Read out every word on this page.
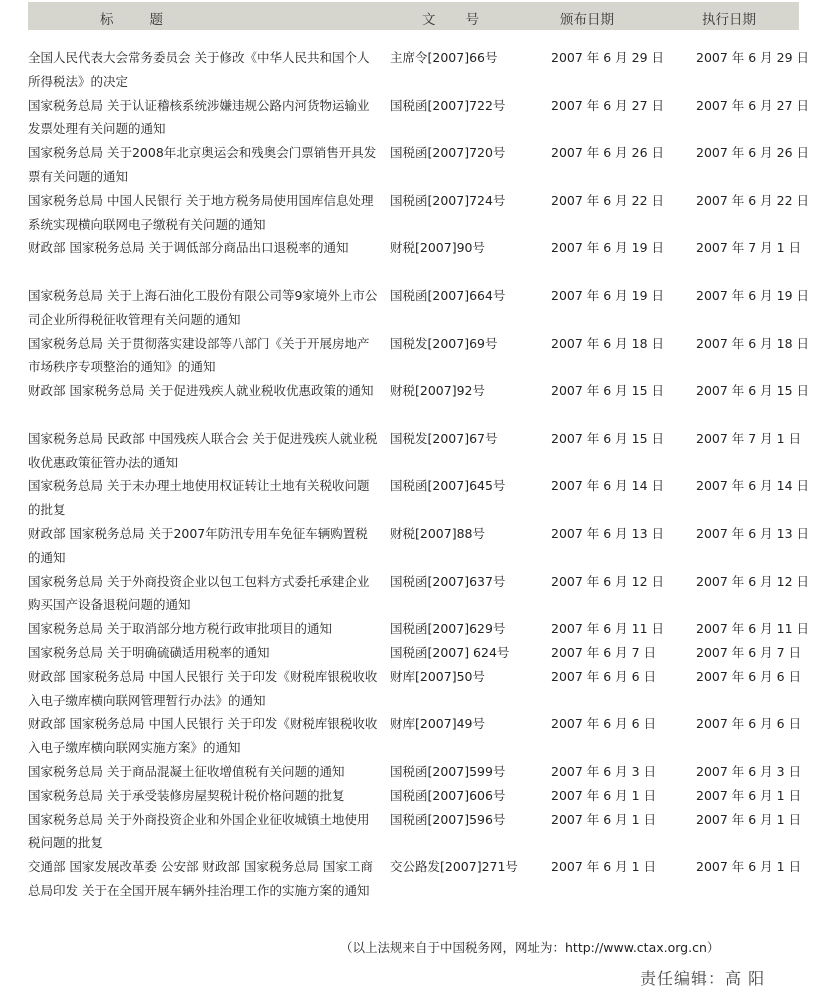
标题	文号	颁布日期	执行日期
全国人民代表大会常务委员会 关于修改《中华人民共和国个人所得税法》的决定
主席令[2007]66号	2007 年 6 月 29 日	2007 年 6 月 29 日
国家税务总局 关于认证稽核系统涉嫌违规公路内河货物运输业发票处理有关问题的通知
国税函[2007]722号	2007 年 6 月 27 日	2007 年 6 月 27 日
国家税务总局 关于2008年北京奥运会和残奥会门票销售开具发票有关问题的通知
国税函[2007]720号	2007 年 6 月 26 日	2007 年 6 月 26 日
国家税务总局 中国人民银行 关于地方税务局使用国库信息处理系统实现横向联网电子缴税有关问题的通知
国税函[2007]724号	2007 年 6 月 22 日	2007 年 6 月 22 日
财政部 国家税务总局 关于调低部分商品出口退税率的通知	财税[2007]90号	2007 年 6 月 19 日	2007 年 7 月 1 日
国家税务总局 关于上海石油化工股份有限公司等9家境外上市公司企业所得税征收管理有关问题的通知
国税函[2007]664号	2007 年 6 月 19 日	2007 年 6 月 19 日
国家税务总局 关于贯彻落实建设部等八部门《关于开展房地产市场秩序专项整治的通知》的通知
国税发[2007]69号	2007 年 6 月 18 日	2007 年 6 月 18 日
财政部 国家税务总局 关于促进残疾人就业税收优惠政策的通知	财税[2007]92号	2007 年 6 月 15 日	2007 年 6 月 15 日
国家税务总局 民政部 中国残疾人联合会 关于促进残疾人就业税收优惠政策征管办法的通知
国税发[2007]67号	2007 年 6 月 15 日	2007 年 7 月 1 日
国家税务总局 关于未办理土地使用权证转让土地有关税收问题的批复
国税函[2007]645号	2007 年 6 月 14 日	2007 年 6 月 14 日
财政部 国家税务总局 关于2007年防汛专用车免征车辆购置税的通知
财税[2007]88号	2007 年 6 月 13 日	2007 年 6 月 13 日
国家税务总局 关于外商投资企业以包工包料方式委托承建企业购买国产设备退税问题的通知
国税函[2007]637号	2007 年 6 月 12 日	2007 年 6 月 12 日
国家税务总局 关于取消部分地方税行政审批项目的通知	国税函[2007]629号	2007 年 6 月 11 日	2007 年 6 月 11 日
国家税务总局 关于明确硫磺适用税率的通知	国税函[2007] 624号	2007 年 6 月 7 日	2007 年 6 月 7 日
财政部 国家税务总局 中国人民银行 关于印发《财税库银税收收入电子缴库横向联网管理暂行办法》的通知
财库[2007]50号	2007 年 6 月 6 日	2007 年 6 月 6 日
财政部 国家税务总局 中国人民银行 关于印发《财税库银税收收入电子缴库横向联网实施方案》的通知
财库[2007]49号	2007 年 6 月 6 日	2007 年 6 月 6 日
国家税务总局 关于商品混凝土征收增值税有关问题的通知	国税函[2007]599号	2007 年 6 月 3 日	2007 年 6 月 3 日
国家税务总局 关于承受装修房屋契税计税价格问题的批复	国税函[2007]606号	2007 年 6 月 1 日	2007 年 6 月 1 日
国家税务总局 关于外商投资企业和外国企业征收城镇土地使用税问题的批复
国税函[2007]596号	2007 年 6 月 1 日	2007 年 6 月 1 日
交通部 国家发展改革委 公安部 财政部 国家税务总局 国家工商总局印发 关于在全国开展车辆外挂治理工作的实施方案的通知
交公路发[2007]271号	2007 年 6 月 1 日	2007 年 6 月 1 日
（以上法规来自于中国税务网，网址为：http://www.ctax.org.cn）
责任编辑：高 阳
